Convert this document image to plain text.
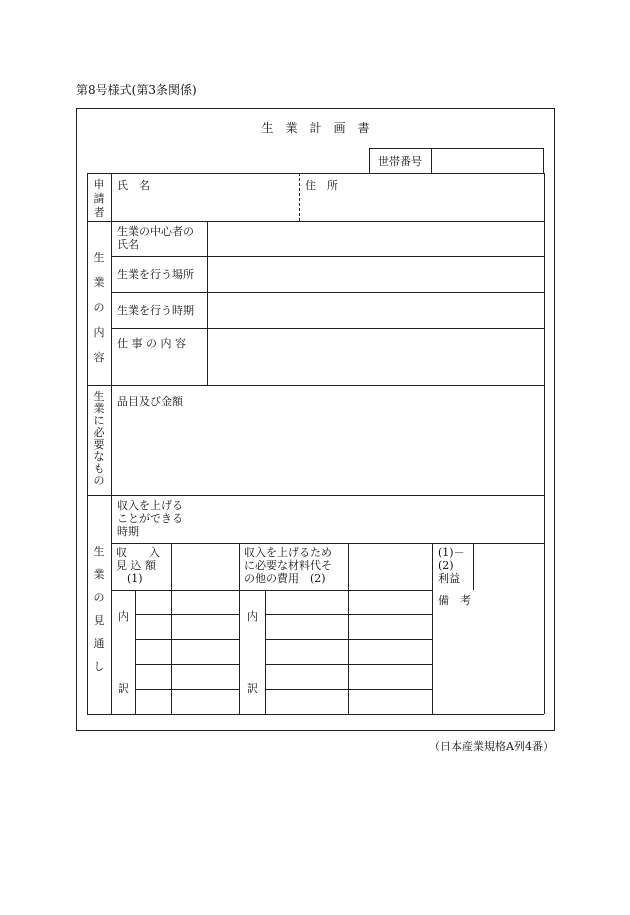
第8号様式(第3条関係)
生　業　計　画　書
世帯番号
申請者
氏　名	住　所
生業の内容
生業の中心者の
氏名
生業を行う場所
生業を行う時期
仕 事 の 内 容
生業に必要なもの
品目及び金額
生業の見通し
収入を上げる
ことができる
時期
収　　入
見 込 額
　(1)
収入を上げるため
に必要な材料代そ
の他の費用　(2)
(1)－
(2)
利益
内
訳
内
訳
備　考
（日本産業規格A列4番）
